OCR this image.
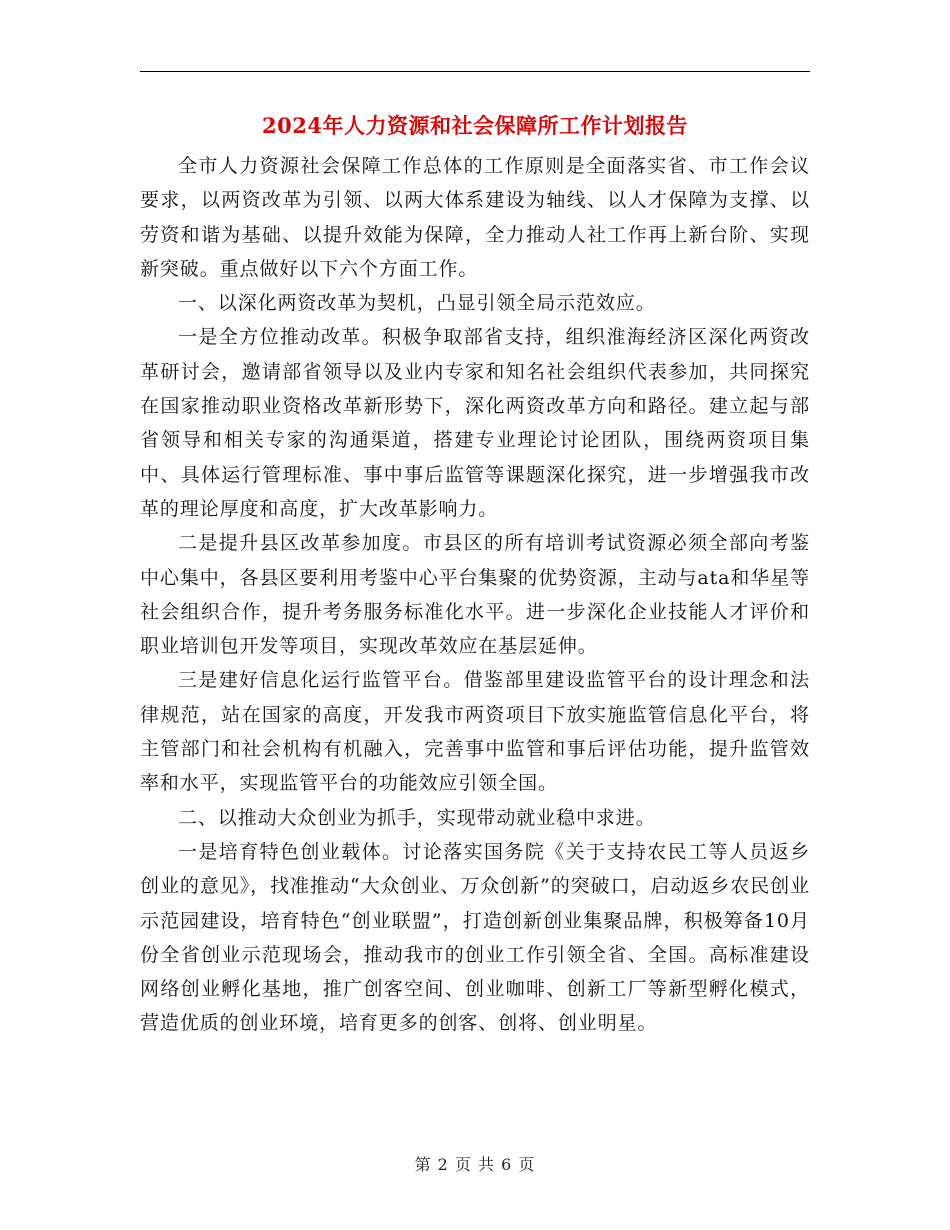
2024年人力资源和社会保障所工作计划报告

全市人力资源社会保障工作总体的工作原则是全面落实省、市工作会议要求，以两资改革为引领、以两大体系建设为轴线、以人才保障为支撑、以劳资和谐为基础、以提升效能为保障，全力推动人社工作再上新台阶、实现新突破。重点做好以下六个方面工作。

一、以深化两资改革为契机，凸显引领全局示范效应。

一是全方位推动改革。积极争取部省支持，组织淮海经济区深化两资改革研讨会，邀请部省领导以及业内专家和知名社会组织代表参加，共同探究在国家推动职业资格改革新形势下，深化两资改革方向和路径。建立起与部省领导和相关专家的沟通渠道，搭建专业理论讨论团队，围绕两资项目集中、具体运行管理标准、事中事后监管等课题深化探究，进一步增强我市改革的理论厚度和高度，扩大改革影响力。

二是提升县区改革参加度。市县区的所有培训考试资源必须全部向考鉴中心集中，各县区要利用考鉴中心平台集聚的优势资源，主动与ata和华星等社会组织合作，提升考务服务标准化水平。进一步深化企业技能人才评价和职业培训包开发等项目，实现改革效应在基层延伸。

三是建好信息化运行监管平台。借鉴部里建设监管平台的设计理念和法律规范，站在国家的高度，开发我市两资项目下放实施监管信息化平台，将主管部门和社会机构有机融入，完善事中监管和事后评估功能，提升监管效率和水平，实现监管平台的功能效应引领全国。

二、以推动大众创业为抓手，实现带动就业稳中求进。

一是培育特色创业载体。讨论落实国务院《关于支持农民工等人员返乡创业的意见》，找准推动“大众创业、万众创新”的突破口，启动返乡农民创业示范园建设，培育特色“创业联盟”，打造创新创业集聚品牌，积极筹备10月份全省创业示范现场会，推动我市的创业工作引领全省、全国。高标准建设网络创业孵化基地，推广创客空间、创业咖啡、创新工厂等新型孵化模式，营造优质的创业环境，培育更多的创客、创将、创业明星。

第 2 页 共 6 页
